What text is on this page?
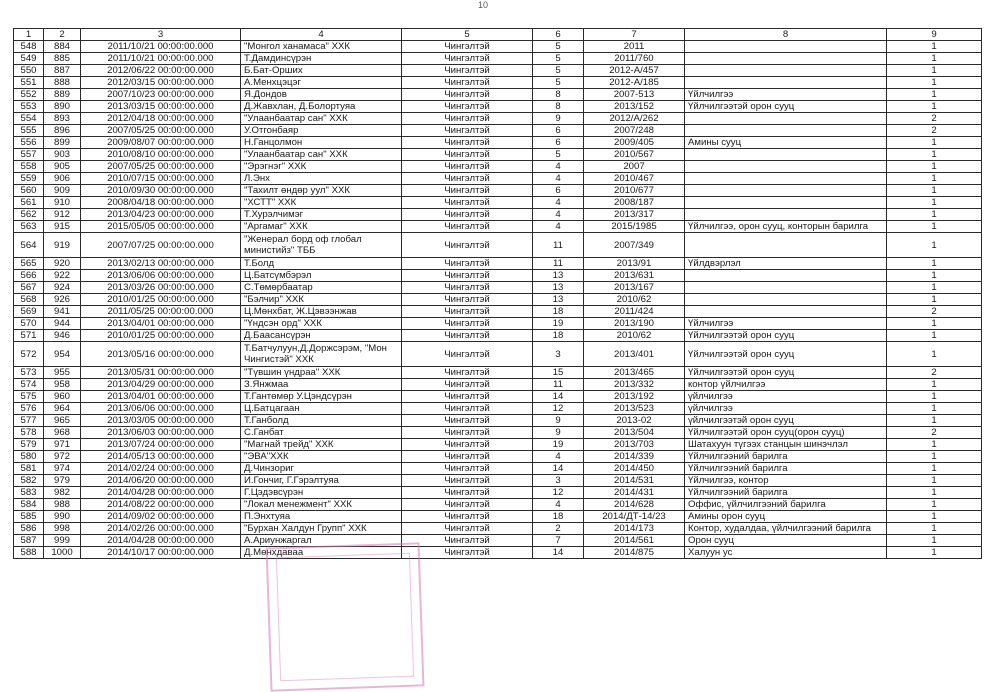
10
1	2	3	4	5	6	7	8	9
548	884	2011/10/21 00:00:00.000	"Монгол ханамаса" ХХК	Чингэлтэй	5	2011		1
549	885	2011/10/21 00:00:00.000	Т.Дамдинсүрэн	Чингэлтэй	5	2011/760		1
550	887	2012/06/22 00:00:00.000	Б.Бат-Орших	Чингэлтэй	5	2012-А/457		1
551	888	2012/03/15 00:00:00.000	А.Менхцэцэг	Чингэлтэй	5	2012-А/185		1
552	889	2007/10/23 00:00:00.000	Я.Дондов	Чингэлтэй	8	2007-513	Үйлчилгээ	1
553	890	2013/03/15 00:00:00.000	Д.Жавхлан, Д.Болортуяа	Чингэлтэй	8	2013/152	Үйлчилгээтэй орон сууц	1
554	893	2012/04/18 00:00:00.000	"Улаанбаатар сан" ХХК	Чингэлтэй	9	2012/А/262		2
555	896	2007/05/25 00:00:00.000	У.Отгонбаяр	Чингэлтэй	6	2007/248		2
556	899	2009/08/07 00:00:00.000	Н.Ганцолмон	Чингэлтэй	6	2009/405	Амины сууц	1
557	903	2010/08/10 00:00:00.000	"Улаанбаатар сан" ХХК	Чингэлтэй	5	2010/567		1
558	905	2007/05/25 00:00:00.000	"Эрэгнэг" ХХК	Чингэлтэй	4	2007		1
559	906	2010/07/15 00:00:00.000	Л.Энх	Чингэлтэй	4	2010/467		1
560	909	2010/09/30 00:00:00.000	"Тахилт өндөр уул" ХХК	Чингэлтэй	6	2010/677		1
561	910	2008/04/18 00:00:00.000	"ХСТТ" ХХК	Чингэлтэй	4	2008/187		1
562	912	2013/04/23 00:00:00.000	Т.Хурэлчимэг	Чингэлтэй	4	2013/317		1
563	915	2015/05/05 00:00:00.000	"Аргамаг" ХХК	Чингэлтэй	4	2015/1985	Үйлчилгээ, орон сууц, конторын барилга	1
564	919	2007/07/25 00:00:00.000	"Женерал борд оф глобал министийз" ТББ	Чингэлтэй	11	2007/349		1
565	920	2013/02/13 00:00:00.000	Т.Болд	Чингэлтэй	11	2013/91	Үйлдвэрлэл	1
566	922	2013/06/06 00:00:00.000	Ц.Батсүмбэрэл	Чингэлтэй	13	2013/631		1
567	924	2013/03/26 00:00:00.000	С.Төмөрбаатар	Чингэлтэй	13	2013/167		1
568	926	2010/01/25 00:00:00.000	"Бэлчир" ХХК	Чингэлтэй	13	2010/62		1
569	941	2011/05/25 00:00:00.000	Ц.Мөнхбат, Ж.Цэвээнжав	Чингэлтэй	18	2011/424		2
570	944	2013/04/01 00:00:00.000	"Үндсэн орд" ХХК	Чингэлтэй	19	2013/190	Үйлчилгээ	1
571	946	2010/01/25 00:00:00.000	Д.Баасансүрэн	Чингэлтэй	18	2010/62	Үйлчилгээтэй орон сууц	1
572	954	2013/05/16 00:00:00.000	Т.Батчулуун,Д.Доржсэрэм, "Мон Чингистэй" ХХК	Чингэлтэй	3	2013/401	Үйлчилгээтэй орон сууц	1
573	955	2013/05/31 00:00:00.000	"Түвшин үндраа" ХХК	Чингэлтэй	15	2013/465	Үйлчилгээтэй орон сууц	2
574	958	2013/04/29 00:00:00.000	З.Янжмаа	Чингэлтэй	11	2013/332	контор үйлчилгээ	1
575	960	2013/04/01 00:00:00.000	Т.Гантөмөр У.Цэндсүрэн	Чингэлтэй	14	2013/192	үйлчилгээ	1
576	964	2013/06/06 00:00:00.000	Ц.Батцагаан	Чингэлтэй	12	2013/523	үйлчилгээ	1
577	965	2013/03/05 00:00:00.000	Т.Ганболд	Чингэлтэй	9	2013-02	үйлчилгээтэй орон сууц	1
578	968	2013/06/03 00:00:00.000	С.Ганбат	Чингэлтэй	9	2013/504	Үйлчилгээтэй орон сууц(орон сууц)	2
579	971	2013/07/24 00:00:00.000	"Магнай трейд" ХХК	Чингэлтэй	19	2013/703	Шатахуун түгээх станцын шинэчлэл	1
580	972	2014/05/13 00:00:00.000	"ЭВА"ХХК	Чингэлтэй	4	2014/339	Үйлчилгээний барилга	1
581	974	2014/02/24 00:00:00.000	Д.Чинзориг	Чингэлтэй	14	2014/450	Үйлчилгээний барилга	1
582	979	2014/06/20 00:00:00.000	И.Гончиг, Г.Гэрэлтуяа	Чингэлтэй	3	2014/531	Үйлчилгээ, контор	1
583	982	2014/04/28 00:00:00.000	Г.Цэдэвсүрэн	Чингэлтэй	12	2014/431	Үйлчилгээний барилга	1
584	988	2014/08/22 00:00:00.000	"Локал менежмент" ХХК	Чингэлтэй	4	2014/628	Оффис, үйлчилгээний барилга	1
585	990	2014/09/02 00:00:00.000	П.Энхтуяа	Чингэлтэй	18	2014/ДТ-14/23	Амины орон сууц	1
586	998	2014/02/26 00:00:00.000	"Бурхан Халдун Групп" ХХК	Чингэлтэй	2	2014/173	Контор, худалдаа, үйлчилгээний барилга	1
587	999	2014/04/28 00:00:00.000	А.Ариунжаргал	Чингэлтэй	7	2014/561	Орон сууц	1
588	1000	2014/10/17 00:00:00.000	Д.Мөнхдаваа	Чингэлтэй	14	2014/875	Халуун ус	1
